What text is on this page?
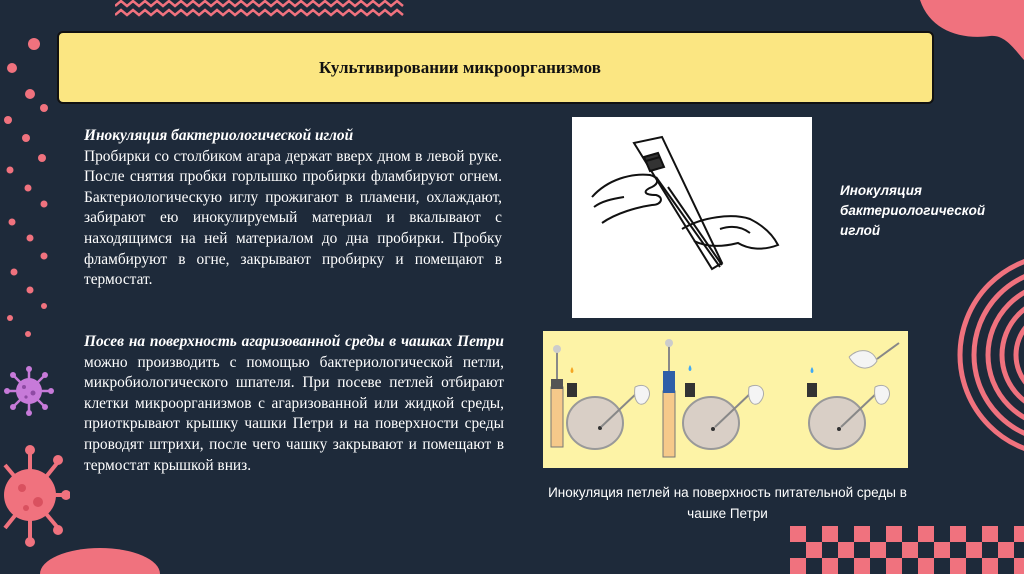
Культивировании микроорганизмов
Инокуляция бактериологической иглой
Пробирки со столбиком агара держат вверх дном в левой руке. После снятия пробки горлышко пробирки фламбируют огнем. Бактериологическую иглу прожигают в пламени, охлаждают, забирают ею инокулируемый материал и вкалывают с находящимся на ней материалом до дна пробирки. Пробку фламбируют в огне, закрывают пробирку и помещают в термостат.
Посев на поверхность агаризованной среды в чашках Петри можно производить с помощью бактериологической петли, микробиологического шпателя. При посеве петлей отбирают клетки микроорганизмов с агаризованной или жидкой среды, приоткрывают крышку чашки Петри и на поверхности среды проводят штрихи, после чего чашку закрывают и помещают в термостат крышкой вниз.
Инокуляция бактериологической иглой
Инокуляция петлей на поверхность питательной среды в чашке Петри
